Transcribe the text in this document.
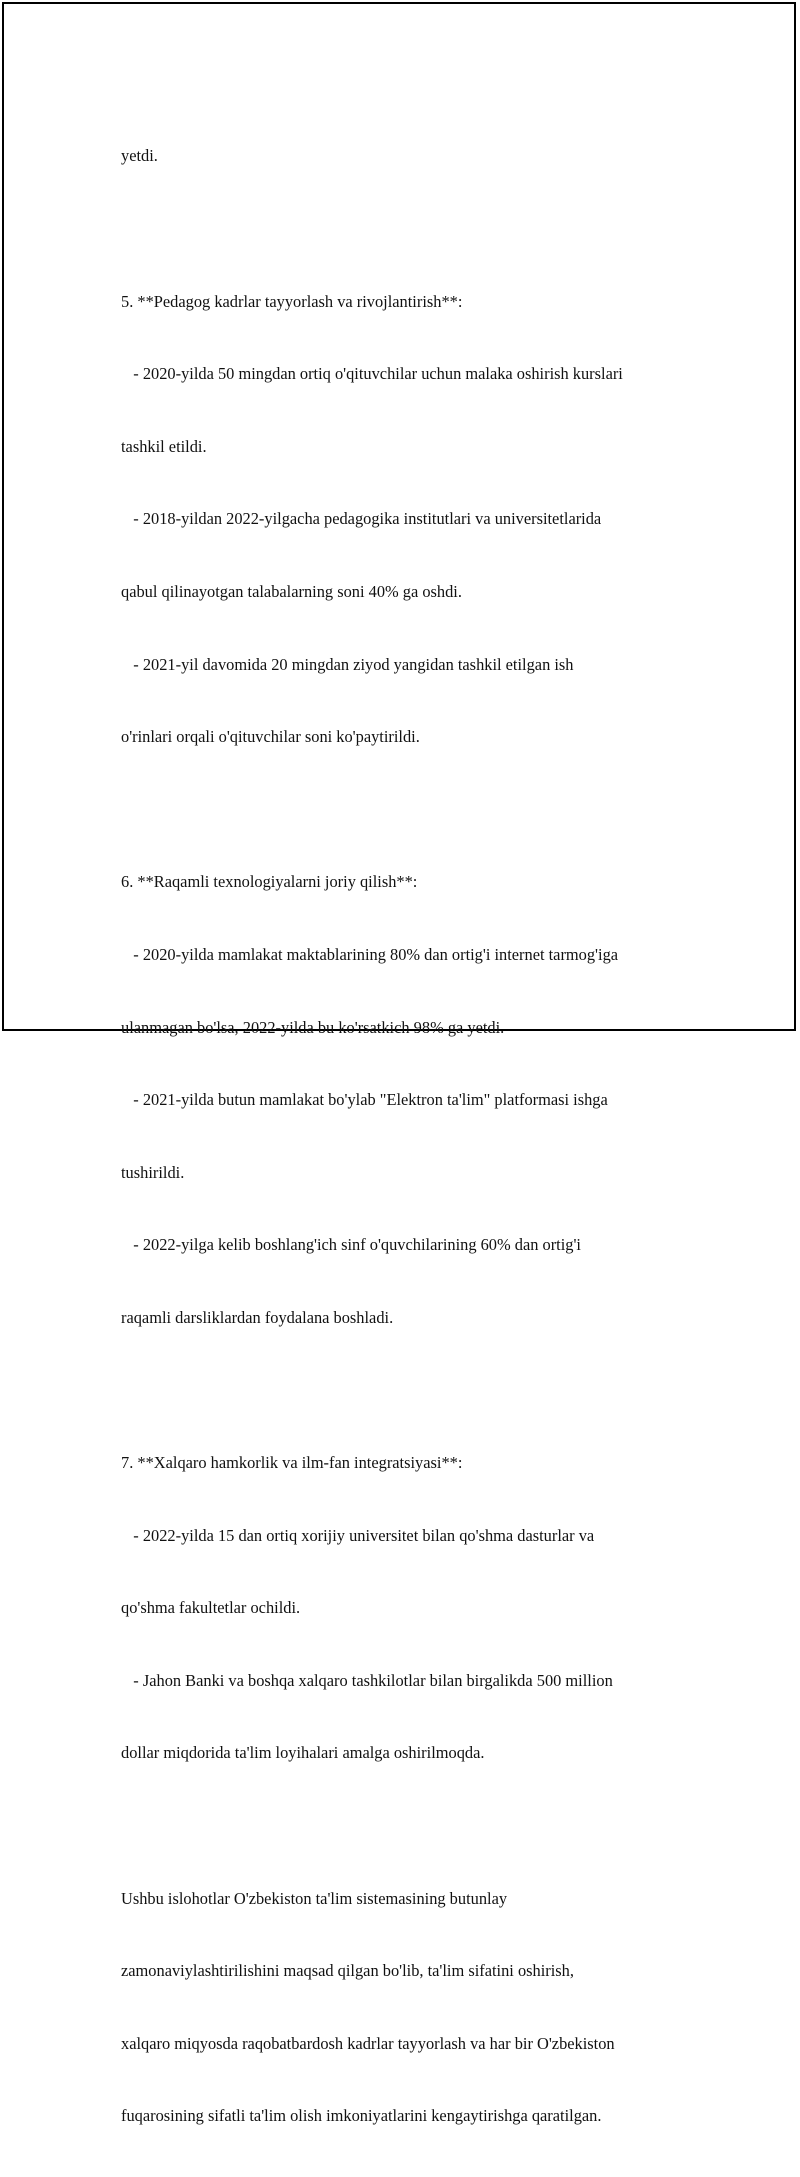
yetdi.

5. **Pedagog kadrlar tayyorlash va rivojlantirish**:

- 2020-yilda 50 mingdan ortiq o'qituvchilar uchun malaka oshirish kurslari

tashkil etildi.

- 2018-yildan 2022-yilgacha pedagogika institutlari va universitetlarida

qabul qilinayotgan talabalarning soni 40% ga oshdi.

- 2021-yil davomida 20 mingdan ziyod yangidan tashkil etilgan ish

o'rinlari orqali o'qituvchilar soni ko'paytirildi.

6. **Raqamli texnologiyalarni joriy qilish**:

- 2020-yilda mamlakat maktablarining 80% dan ortig'i internet tarmog'iga

ulanmagan bo'lsa, 2022-yilda bu ko'rsatkich 98% ga yetdi.

- 2021-yilda butun mamlakat bo'ylab "Elektron ta'lim" platformasi ishga

tushirildi.

- 2022-yilga kelib boshlang'ich sinf o'quvchilarining 60% dan ortig'i

raqamli darsliklardan foydalana boshladi.

7. **Xalqaro hamkorlik va ilm-fan integratsiyasi**:

- 2022-yilda 15 dan ortiq xorijiy universitet bilan qo'shma dasturlar va

qo'shma fakultetlar ochildi.

- Jahon Banki va boshqa xalqaro tashkilotlar bilan birgalikda 500 million

dollar miqdorida ta'lim loyihalari amalga oshirilmoqda.

Ushbu islohotlar O'zbekiston ta'lim sistemasining butunlay

zamonaviylashtirilishini maqsad qilgan bo'lib, ta'lim sifatini oshirish,

xalqaro miqyosda raqobatbardosh kadrlar tayyorlash va har bir O'zbekiston

fuqarosining sifatli ta'lim olish imkoniyatlarini kengaytirishga qaratilgan.
